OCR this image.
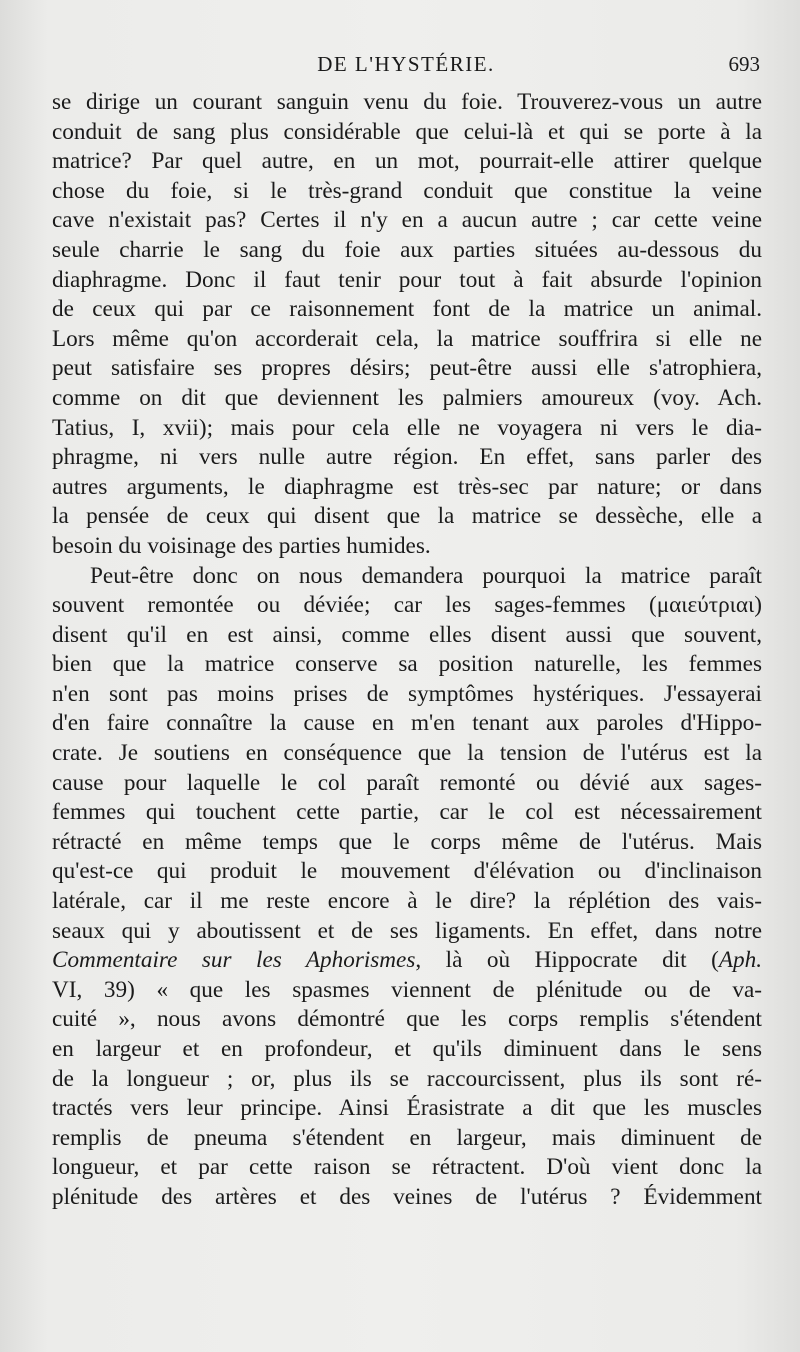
DE L'HYSTÉRIE.	693
se dirige un courant sanguin venu du foie. Trouverez-vous un autre
conduit de sang plus considérable que celui-là et qui se porte à la
matrice? Par quel autre, en un mot, pourrait-elle attirer quelque
chose du foie, si le très-grand conduit que constitue la veine
cave n'existait pas? Certes il n'y en a aucun autre ; car cette veine
seule charrie le sang du foie aux parties situées au-dessous du
diaphragme. Donc il faut tenir pour tout à fait absurde l'opinion
de ceux qui par ce raisonnement font de la matrice un animal.
Lors même qu'on accorderait cela, la matrice souffrira si elle ne
peut satisfaire ses propres désirs; peut-être aussi elle s'atrophiera,
comme on dit que deviennent les palmiers amoureux (voy. Ach.
Tatius, I, xvii); mais pour cela elle ne voyagera ni vers le dia-
phragme, ni vers nulle autre région. En effet, sans parler des
autres arguments, le diaphragme est très-sec par nature; or dans
la pensée de ceux qui disent que la matrice se dessèche, elle a
besoin du voisinage des parties humides.
Peut-être donc on nous demandera pourquoi la matrice paraît
souvent remontée ou déviée; car les sages-femmes (μαιεύτριαι)
disent qu'il en est ainsi, comme elles disent aussi que souvent,
bien que la matrice conserve sa position naturelle, les femmes
n'en sont pas moins prises de symptômes hystériques. J'essayerai
d'en faire connaître la cause en m'en tenant aux paroles d'Hippo-
crate. Je soutiens en conséquence que la tension de l'utérus est la
cause pour laquelle le col paraît remonté ou dévié aux sages-
femmes qui touchent cette partie, car le col est nécessairement
rétracté en même temps que le corps même de l'utérus. Mais
qu'est-ce qui produit le mouvement d'élévation ou d'inclinaison
latérale, car il me reste encore à le dire? la réplétion des vais-
seaux qui y aboutissent et de ses ligaments. En effet, dans notre
Commentaire sur les Aphorismes, là où Hippocrate dit (Aph.
VI, 39) « que les spasmes viennent de plénitude ou de va-
cuité », nous avons démontré que les corps remplis s'étendent
en largeur et en profondeur, et qu'ils diminuent dans le sens
de la longueur ; or, plus ils se raccourcissent, plus ils sont ré-
tractés vers leur principe. Ainsi Érasistrate a dit que les muscles
remplis de pneuma s'étendent en largeur, mais diminuent de
longueur, et par cette raison se rétractent. D'où vient donc la
plénitude des artères et des veines de l'utérus ? Évidemment
